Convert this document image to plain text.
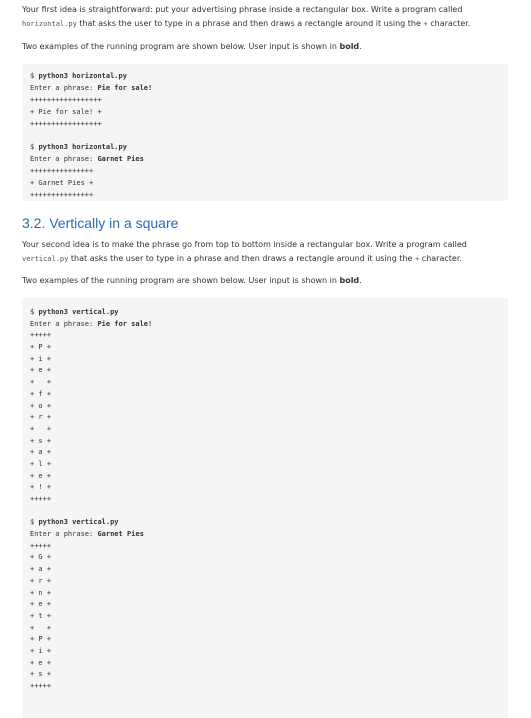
Your first idea is straightforward: put your advertising phrase inside a rectangular box. Write a program called
horizontal.py that asks the user to type in a phrase and then draws a rectangle around it using the + character.

Two examples of the running program are shown below. User input is shown in bold.

$ python3 horizontal.py
Enter a phrase: Pie for sale!
+++++++++++++++++
+ Pie for sale! +
+++++++++++++++++
$ python3 horizontal.py
Enter a phrase: Garnet Pies
+++++++++++++++
+ Garnet Pies +
+++++++++++++++
3.2. Vertically in a square

Your second idea is to make the phrase go from top to bottom inside a rectangular box. Write a program called
vertical.py that asks the user to type in a phrase and then draws a rectangle around it using the + character.

Two examples of the running program are shown below. User input is shown in bold.

$ python3 vertical.py
Enter a phrase: Pie for sale!
+++++
+ P +
+ i +
+ e +
+   +
+ f +
+ o +
+ r +
+   +
+ s +
+ a +
+ l +
+ e +
+ ! +
+++++
$ python3 vertical.py
Enter a phrase: Garnet Pies
+++++
+ G +
+ a +
+ r +
+ n +
+ e +
+ t +
+   +
+ P +
+ i +
+ e +
+ s +
+++++
